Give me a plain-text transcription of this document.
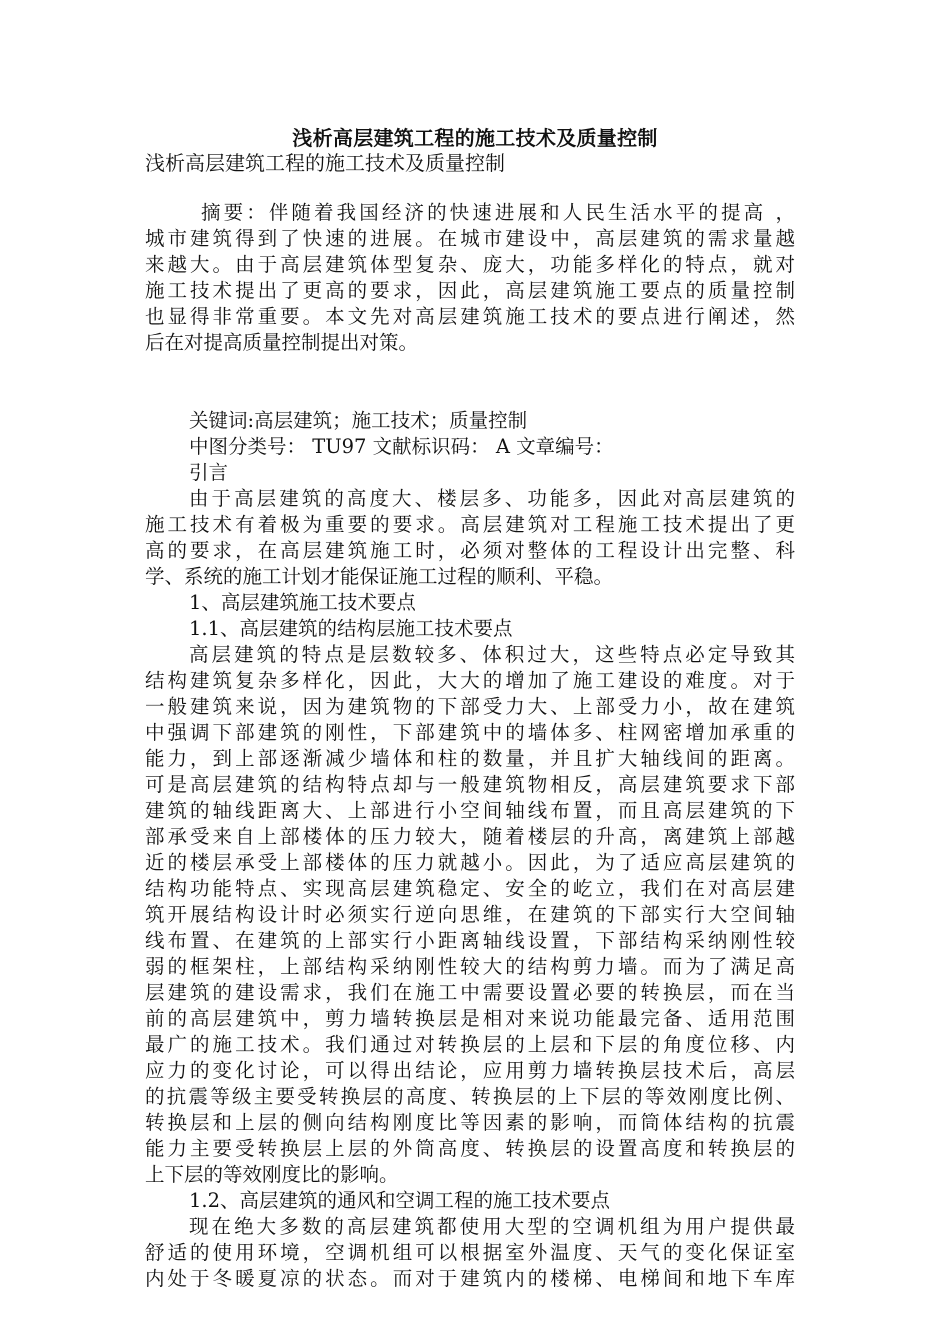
浅析高层建筑工程的施工技术及质量控制
浅析高层建筑工程的施工技术及质量控制
摘要：伴随着我国经济的快速进展和人民生活水平的提高 ，
城市建筑得到了快速的进展。在城市建设中，高层建筑的需求量越
来越大。由于高层建筑体型复杂、庞大，功能多样化的特点，就对
施工技术提出了更高的要求，因此，高层建筑施工要点的质量控制
也显得非常重要。本文先对高层建筑施工技术的要点进行阐述，然
后在对提高质量控制提出对策。
关键词:高层建筑；施工技术；质量控制
中图分类号： TU97 文献标识码： A 文章编号：
引言
由于高层建筑的高度大、楼层多、功能多，因此对高层建筑的
施工技术有着极为重要的要求。高层建筑对工程施工技术提出了更
高的要求，在高层建筑施工时，必须对整体的工程设计出完整、科
学、系统的施工计划才能保证施工过程的顺利、平稳。
1、高层建筑施工技术要点
1.1、高层建筑的结构层施工技术要点
高层建筑的特点是层数较多、体积过大，这些特点必定导致其
结构建筑复杂多样化，因此，大大的增加了施工建设的难度。对于
一般建筑来说，因为建筑物的下部受力大、上部受力小，故在建筑
中强调下部建筑的刚性，下部建筑中的墙体多、柱网密增加承重的
能力，到上部逐渐减少墙体和柱的数量，并且扩大轴线间的距离。
可是高层建筑的结构特点却与一般建筑物相反，高层建筑要求下部
建筑的轴线距离大、上部进行小空间轴线布置，而且高层建筑的下
部承受来自上部楼体的压力较大，随着楼层的升高，离建筑上部越
近的楼层承受上部楼体的压力就越小。因此，为了适应高层建筑的
结构功能特点、实现高层建筑稳定、安全的屹立，我们在对高层建
筑开展结构设计时必须实行逆向思维，在建筑的下部实行大空间轴
线布置、在建筑的上部实行小距离轴线设置，下部结构采纳刚性较
弱的框架柱，上部结构采纳刚性较大的结构剪力墙。而为了满足高
层建筑的建设需求，我们在施工中需要设置必要的转换层，而在当
前的高层建筑中，剪力墙转换层是相对来说功能最完备、适用范围
最广的施工技术。我们通过对转换层的上层和下层的角度位移、内
应力的变化讨论，可以得出结论，应用剪力墙转换层技术后，高层
的抗震等级主要受转换层的高度、转换层的上下层的等效刚度比例、
转换层和上层的侧向结构刚度比等因素的影响，而筒体结构的抗震
能力主要受转换层上层的外筒高度、转换层的设置高度和转换层的
上下层的等效刚度比的影响。
1.2、高层建筑的通风和空调工程的施工技术要点
现在绝大多数的高层建筑都使用大型的空调机组为用户提供最
舒适的使用环境，空调机组可以根据室外温度、天气的变化保证室
内处于冬暖夏凉的状态。而对于建筑内的楼梯、电梯间和地下车库
